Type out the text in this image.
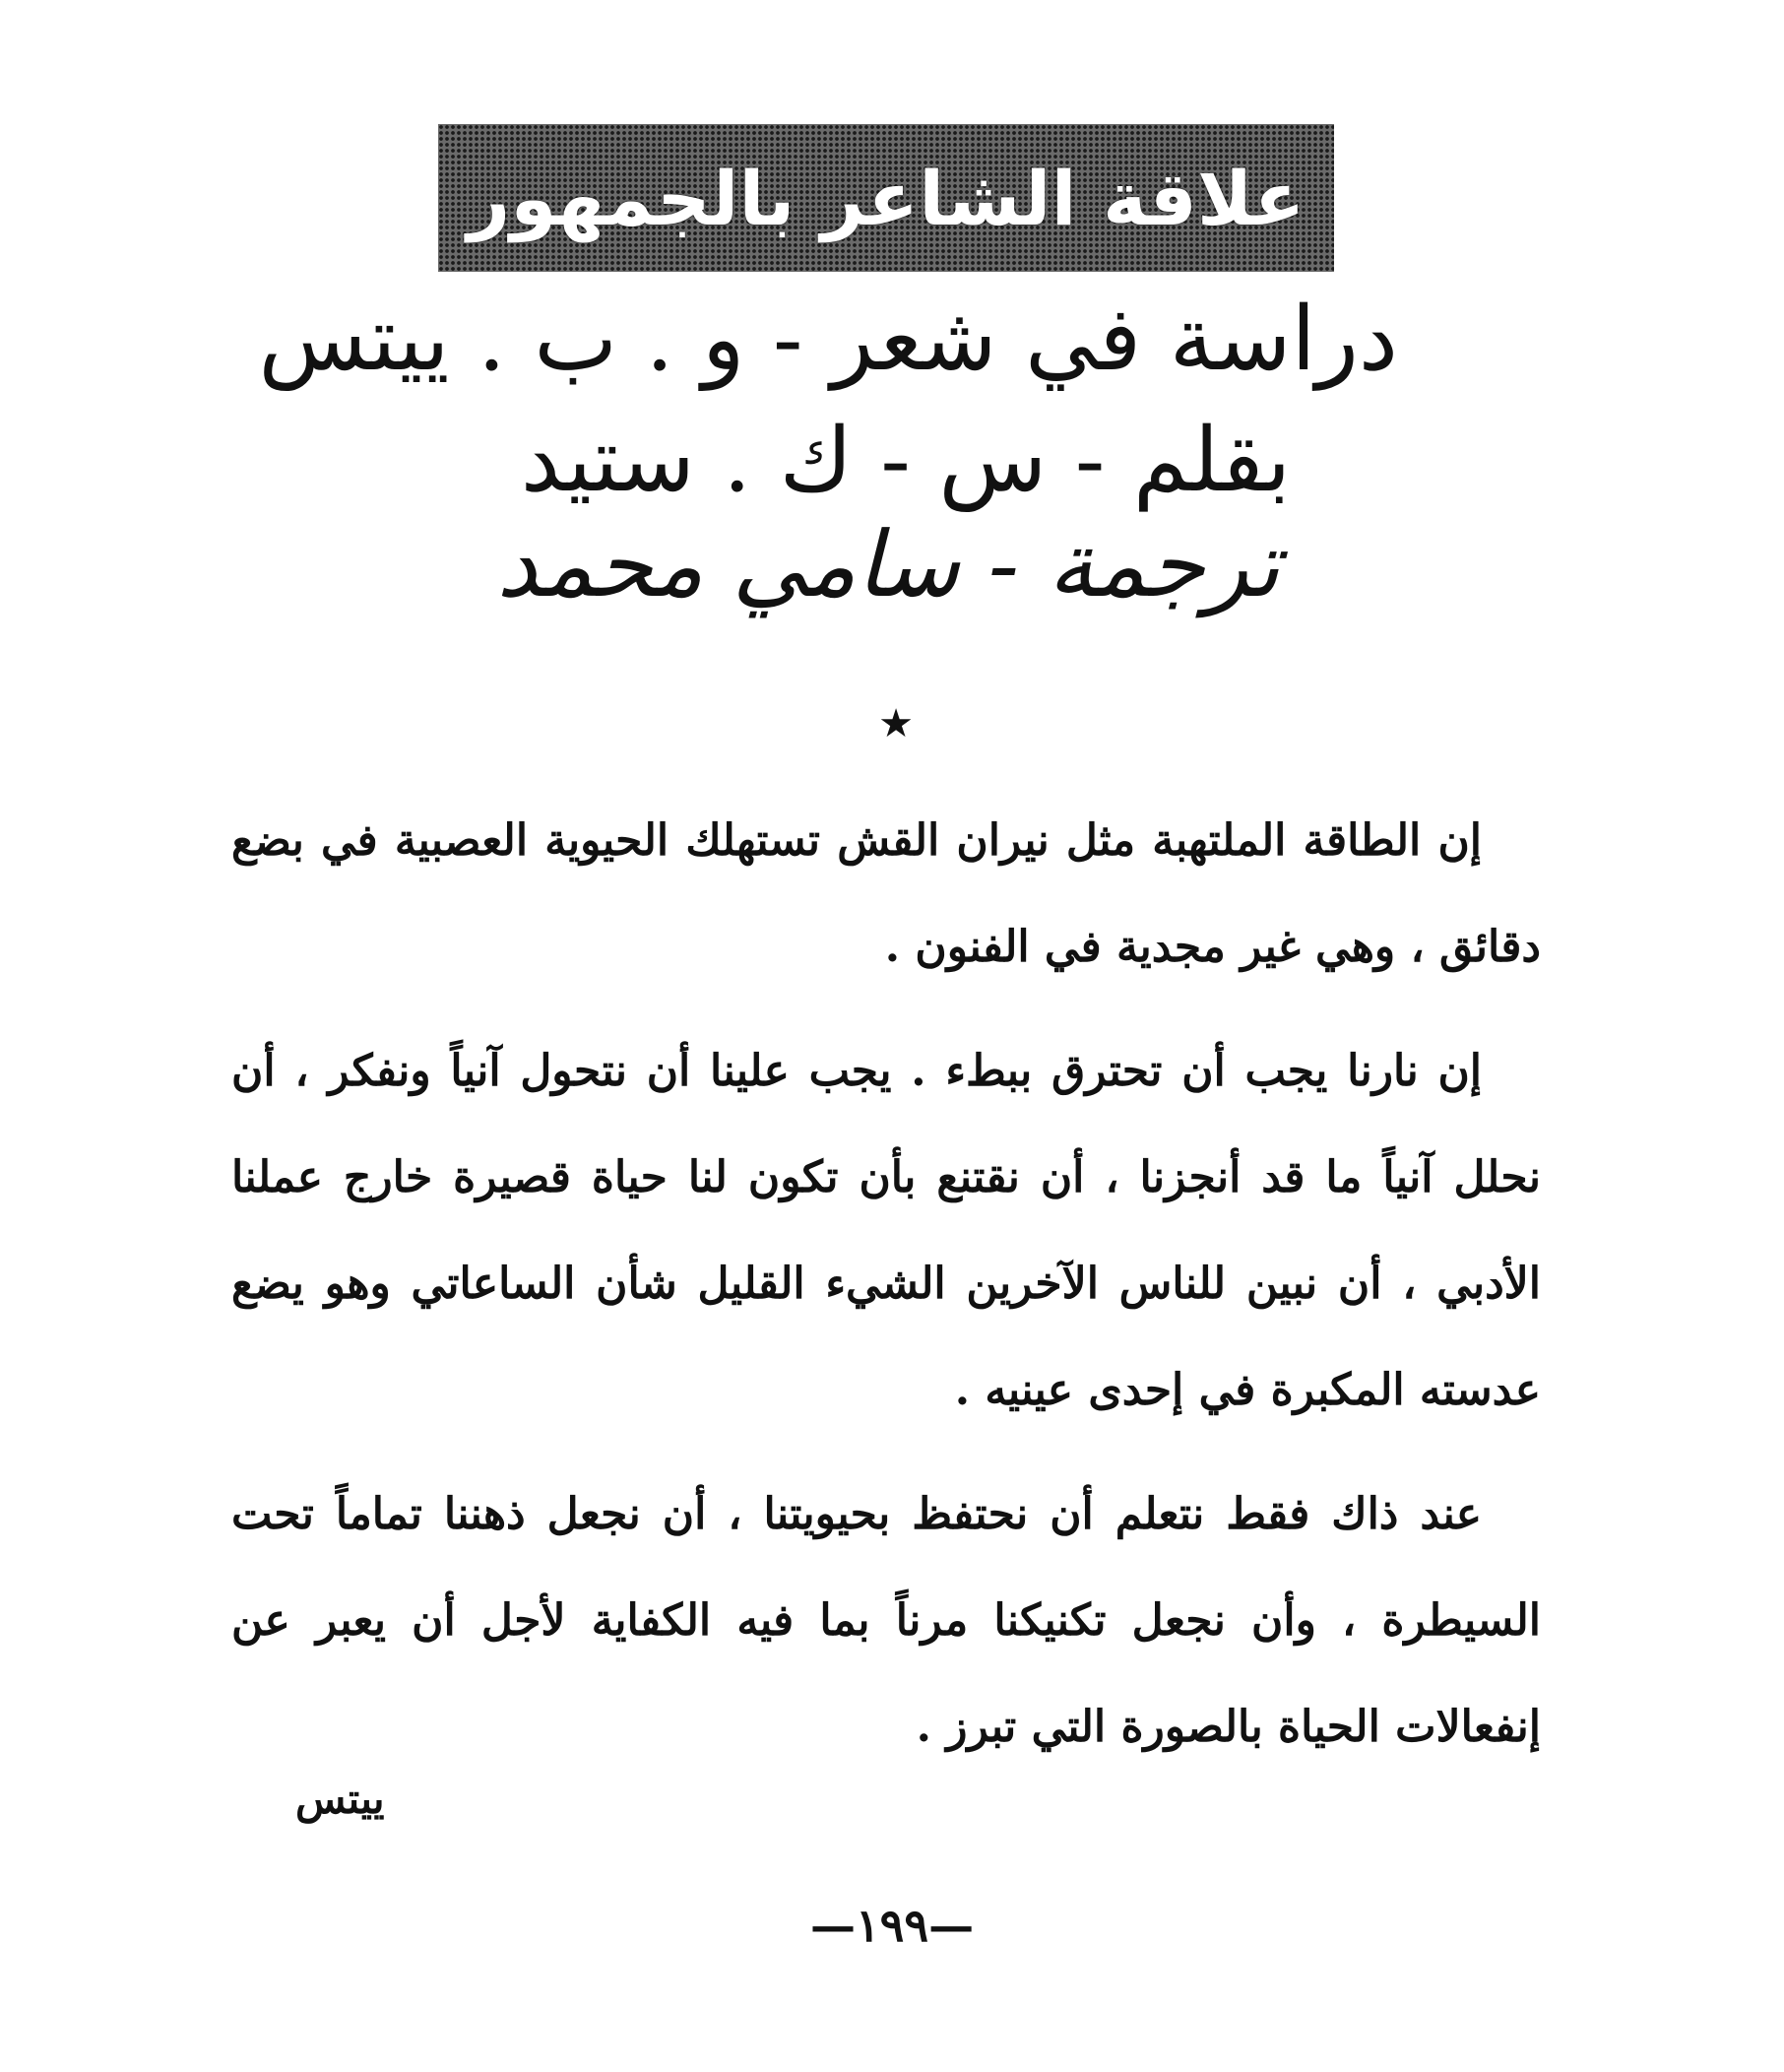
علاقة الشاعر بالجمهور
دراسة في شعر - و . ب . ييتس
بقلم - س - ك . ستيد
ترجمة - سامي محمد
★

إن الطاقة الملتهبة مثل نيران القش تستهلك الحيوية العصبية في بضع دقائق ، وهي غير مجدية في الفنون .

إن نارنا يجب أن تحترق ببطء . يجب علينا أن نتحول آنياً ونفكر ، أن نحلل آنياً ما قد أنجزنا ، أن نقتنع بأن تكون لنا حياة قصيرة خارج عملنا الأدبي ، أن نبين للناس الآخرين الشيء القليل شأن الساعاتي وهو يضع عدسته المكبرة في إحدى عينيه .

عند ذاك فقط نتعلم أن نحتفظ بحيويتنا ، أن نجعل ذهننا تماماً تحت السيطرة ، وأن نجعل تكنيكنا مرناً بما فيه الكفاية لأجل أن يعبر عن إنفعالات الحياة بالصورة التي تبرز .

ييتس
—١٩٩—
